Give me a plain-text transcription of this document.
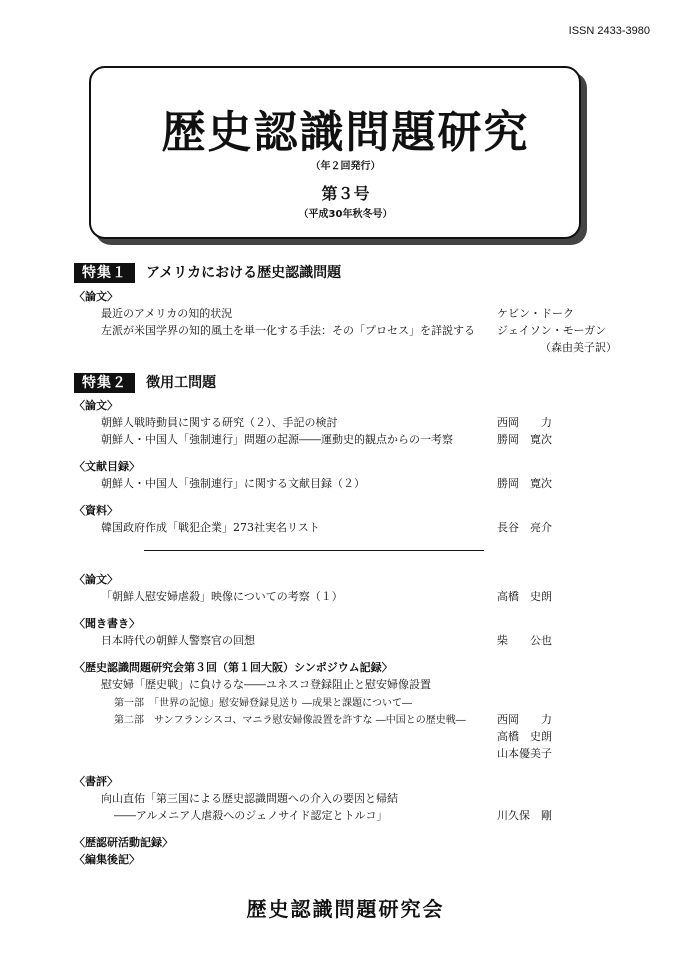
ISSN 2433-3980
歴史認識問題研究
（年２回発行）
第３号
（平成30年秋冬号）
特集１ アメリカにおける歴史認識問題
〈論文〉
最近のアメリカの知的状況	ケビン・ドーク
左派が米国学界の知的風土を単一化する手法：その「プロセス」を詳説する ジェイソン・モーガン
（森由美子訳）
特集２ 徴用工問題
〈論文〉
朝鮮人戦時動員に関する研究（２）、手記の検討	西岡　　力
朝鮮人・中国人「強制連行」問題の起源――運動史的観点からの一考察	勝岡　寛次
〈文献目録〉
朝鮮人・中国人「強制連行」に関する文献目録（２）	勝岡　寛次
〈資料〉
韓国政府作成「戦犯企業」273社実名リスト	長谷　亮介
〈論文〉
「朝鮮人慰安婦虐殺」映像についての考察（１）	高橋　史朗
〈聞き書き〉
日本時代の朝鮮人警察官の回想	柴　　公也
〈歴史認識問題研究会第３回（第１回大阪）シンポジウム記録〉
慰安婦「歴史戦」に負けるな――ユネスコ登録阻止と慰安婦像設置
第一部　「世界の記憶」慰安婦登録見送り ―成果と課題について―
第二部　サンフランシスコ、マニラ慰安婦像設置を許すな ―中国との歴史戦―	西岡　　力
高橋　史朗
山本優美子
〈書評〉
向山直佑「第三国による歴史認識問題への介入の要因と帰結
――アルメニア人虐殺へのジェノサイド認定とトルコ」	川久保　剛
〈歴認研活動記録〉
〈編集後記〉
歴史認識問題研究会
